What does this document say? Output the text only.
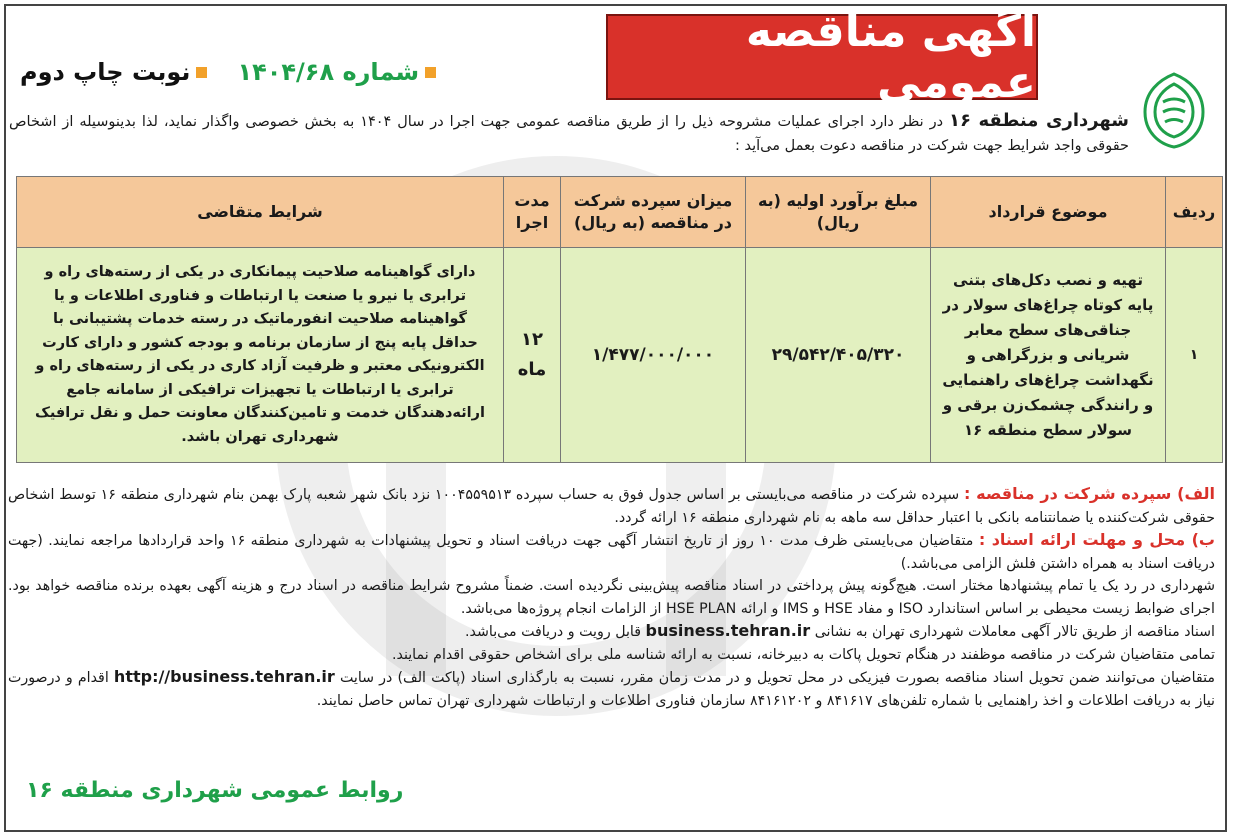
آگهی مناقصه عمومی
نوبت چاپ دوم شماره ۱۴۰۴/۶۸
شهرداری منطقه ۱۶ در نظر دارد اجرای عملیات مشروحه ذیل را از طریق مناقصه عمومی جهت اجرا در سال ۱۴۰۴ به بخش خصوصی واگذار نماید، لذا بدینوسیله از اشخاص حقوقی واجد شرایط جهت شرکت در مناقصه دعوت بعمل می‌آید :
ردیف	موضوع قرارداد	مبلغ برآورد اولیه (به ریال)	میزان سپرده شرکت در مناقصه (به ریال)	مدت اجرا	شرایط متقاضی
۱	تهیه و نصب دکل‌های بتنی پایه کوتاه چراغ‌های سولار در جناقی‌های سطح معابر شریانی و بزرگراهی و نگهداشت چراغ‌های راهنمایی و رانندگی چشمک‌زن برقی و سولار سطح منطقه ۱۶	۲۹/۵۴۲/۴۰۵/۳۲۰	۱/۴۷۷/۰۰۰/۰۰۰	۱۲ ماه	دارای گواهینامه صلاحیت پیمانکاری در یکی از رسته‌های راه و ترابری یا نیرو یا صنعت یا ارتباطات و فناوری اطلاعات و یا گواهینامه صلاحیت انفورماتیک در رسته خدمات پشتیبانی با حداقل پایه پنج از سازمان برنامه و بودجه کشور و دارای کارت الکترونیکی معتبر و ظرفیت آزاد کاری در یکی از رسته‌های راه و ترابری یا ارتباطات یا تجهیزات ترافیکی از سامانه جامع ارائه‌دهندگان خدمت و تامین‌کنندگان معاونت حمل و نقل ترافیک شهرداری تهران باشد.

الف) سپرده شرکت در مناقصه : سپرده شرکت در مناقصه می‌بایستی بر اساس جدول فوق به حساب سپرده ۱۰۰۴۵۵۹۵۱۳ نزد بانک شهر شعبه پارک بهمن بنام شهرداری منطقه ۱۶ توسط اشخاص حقوقی شرکت‌کننده یا ضمانتنامه بانکی با اعتبار حداقل سه ماهه به نام شهرداری منطقه ۱۶ ارائه گردد.

ب) محل و مهلت ارائه اسناد : متقاضیان می‌بایستی ظرف مدت ۱۰ روز از تاریخ انتشار آگهی جهت دریافت اسناد و تحویل پیشنهادات به شهرداری منطقه ۱۶ واحد قراردادها مراجعه نمایند. (جهت دریافت اسناد به همراه داشتن فلش الزامی می‌باشد.)

شهرداری در رد یک یا تمام پیشنهادها مختار است. هیچ‌گونه پیش پرداختی در اسناد مناقصه پیش‌بینی نگردیده است. ضمناً مشروح شرایط مناقصه در اسناد درج و هزینه آگهی بعهده برنده مناقصه خواهد بود. اجرای ضوابط زیست محیطی بر اساس استاندارد ISO و مفاد HSE و IMS و ارائه HSE PLAN از الزامات انجام پروژه‌ها می‌باشد.

اسناد مناقصه از طریق تالار آگهی معاملات شهرداری تهران به نشانی business.tehran.ir قابل رویت و دریافت می‌باشد.

تمامی متقاضیان شرکت در مناقصه موظفند در هنگام تحویل پاکات به دبیرخانه، نسبت به ارائه شناسه ملی برای اشخاص حقوقی اقدام نمایند.

متقاضیان می‌توانند ضمن تحویل اسناد مناقصه بصورت فیزیکی در محل تحویل و در مدت زمان مقرر، نسبت به بارگذاری اسناد (پاکت الف) در سایت http://business.tehran.ir اقدام و درصورت نیاز به دریافت اطلاعات و اخذ راهنمایی با شماره تلفن‌های ۸۴۱۶۱۷ و ۸۴۱۶۱۲۰۲ سازمان فناوری اطلاعات و ارتباطات شهرداری تهران تماس حاصل نمایند.

روابط عمومی شهرداری منطقه ۱۶
